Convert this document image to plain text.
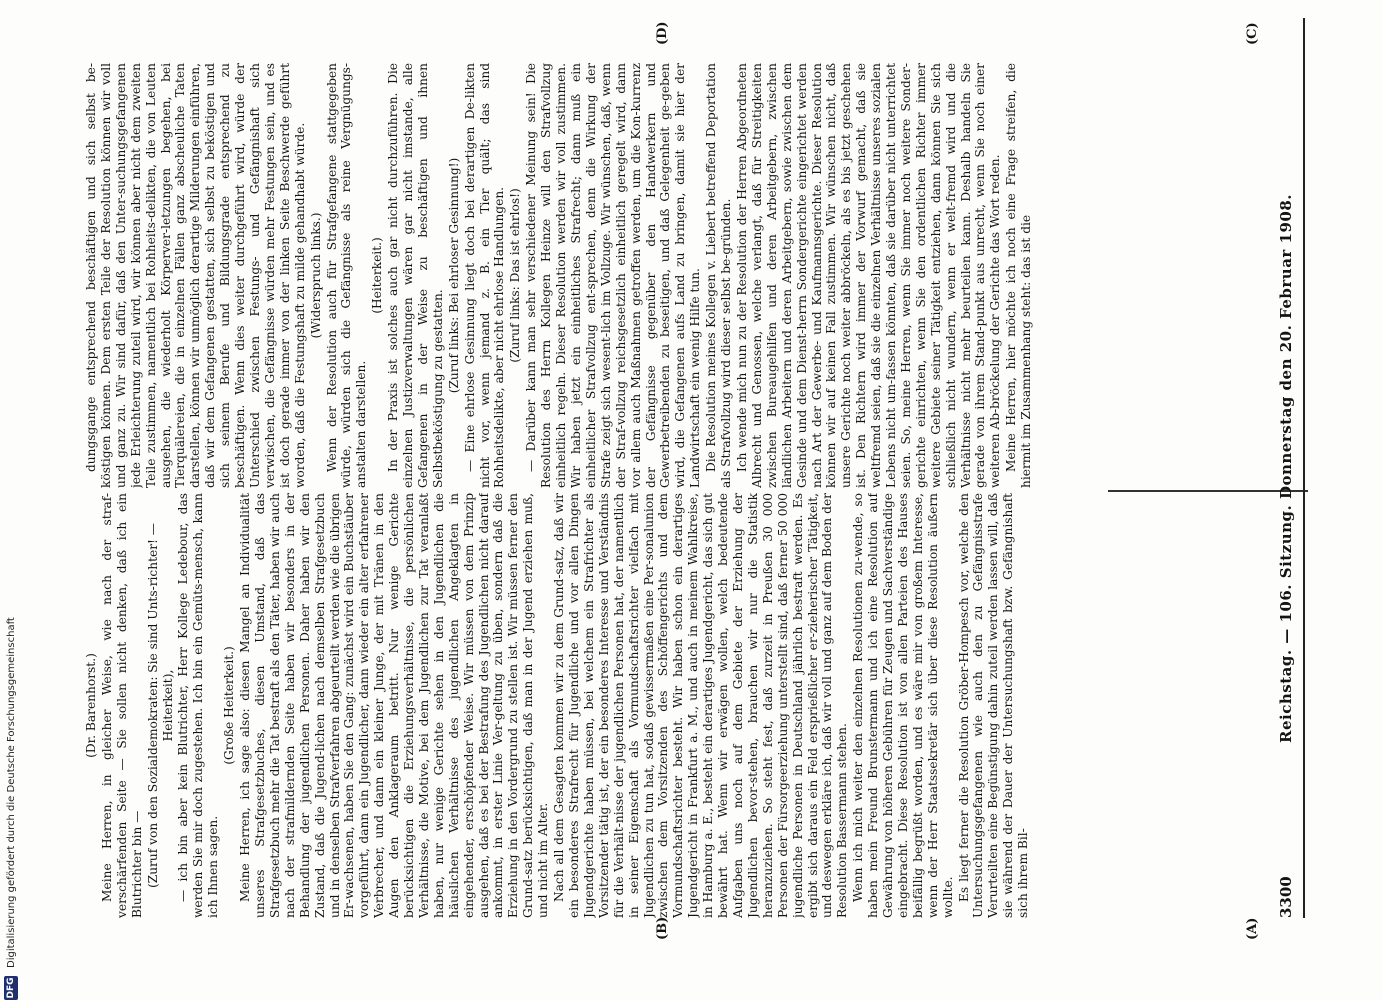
DFG
Digitalisierung gefördert durch die Deutsche Forschungsgemeinschaft	(Dr. Barenhorst.) Meine Herren, in gleicher Weise, wie nach der straf-verschärfenden Seite — Sie sollen nicht denken, daß ich ein Blutrichter bin — (Zuruf von den Sozialdemokraten: Sie sind Unts-richter! — Heiterkeit), — ich bin aber kein Blutrichter, Herr Kollege Ledebour, das werden Sie mir doch zugestehen. Ich bin ein Gemüts-mensch, kann ich Ihnen sagen.

(Große Heiterkeit.) Meine Herren, ich sage also: diesen Mangel an Individualität unseres Strafgesetzbuches, diesen Umstand, daß das Strafgesetzbuch mehr die Tat bestraft als den Täter, haben wir auch nach der strafmildernden Seite haben wir besonders in der Behandlung der jugendlichen Personen. Daher haben wir den Zustand, daß die Jugend-lichen nach demselben Strafgesetzbuch und in denselben Strafverfahren abgeurteilt werden wie die übrigen Er-wachsenen, haben Sie den Gang: zunächst wird ein Buchstäuber vorgeführt, dann ein Jugendlicher, dann wieder ein alter erfahrener Verbrecher, und dann ein kleiner Junge, der mit Tränen in den Augen den Anklageraum betritt. Nur wenige Gerichte berücksichtigen die Erziehungsverhältnisse, die persönlichen Verhältnisse, die Motive, bei dem Jugendlichen zur Tat veranlaßt haben, nur wenige Gerichte sehen in den Jugendlichen die häuslichen Verhältnisse des jugendlichen Angeklagten in eingehender, erschöpfender Weise. Wir müssen von dem Prinzip ausgehen, daß es bei der Bestrafung des Jugendlichen nicht darauf ankommt, in erster Linie Ver-geltung zu üben, sondern daß die Erziehung in den Vordergrund zu stellen ist. Wir müssen ferner den Grund-satz berücksichtigen, daß man in der Jugend erziehen muß, und nicht im Alter. Nach all dem Gesagten kommen wir zu dem Grund-satz, daß wir ein besonderes Strafrecht für Jugendliche und vor allen Dingen Jugendgerichte haben müssen, bei welchem ein Strafrichter als Vorsitzender tätig ist, der ein besonderes Interesse und Verständnis für die Verhält-nisse der jugendlichen Personen hat, der namentlich in seiner Eigenschaft als Vormundschaftsrichter vielfach mit Jugendlichen zu tun hat, sodaß gewissermaßen eine Per-sonalunion zwischen dem Vorsitzenden des Schöffengerichts und dem Vormundschaftsrichter besteht. Wir haben schon ein derartiges Jugendgericht in Frankfurt a. M., und auch in meinem Wahlkreise, in Hamburg a. E., besteht ein derartiges Jugendgericht, das sich gut bewährt hat. Wenn wir erwägen wollen, welch bedeutende Aufgaben uns noch auf dem Gebiete der Erziehung der Jugendlichen bevor-stehen, brauchen wir nur die Statistik heranzuziehen. So steht fest, daß zurzeit in Preußen 30 000 Personen der Fürsorgeerziehung unterstellt sind, daß ferner 50 000 jugendliche Personen in Deutschland jährlich bestraft werden. Es ergibt sich daraus ein Feld ersprießlicher er-zieherischer Tätigkeit, und deswegen erkläre ich, daß wir voll und ganz auf dem Boden der Resolution Bassermann stehen. Wenn ich mich weiter den einzelnen Resolutionen zu-wende, so haben mein Freund Brunstermann und ich eine Resolution auf Gewährung von höheren Gebühren für Zeugen und Sachverständige eingebracht. Diese Resolution ist von allen Parteien des Hauses beifällig begrüßt worden, und es wäre mir von großem Interesse, wenn der Herr Staatssekretär sich über diese Resolution äußern wollte. Es liegt ferner die Resolution Gröber-Hompesch vor, welche den Untersuchungsgefangenen wie auch den zu Gefängnisstrafe Verurteilten eine Begünstigung dahin zuteil werden lassen will, daß sie während der Dauer der Untersuchungshaft bzw. Gefängnishaft sich ihrem Bil-

dungsgange entsprechend beschäftigen und sich selbst be-köstigen können. Dem ersten Teile der Resolution können wir voll und ganz zu. Wir sind dafür, daß den Unter-suchungsgefangenen jede Erleichterung zuteil wird, wir können aber nicht dem zweiten Teile zustimmen, namentlich bei Rohheits-delikten, die von Leuten ausgehen, die wiederholt Körperver-letzungen begehen, bei Tierquälereien, die in einzelnen Fällen ganz abscheuliche Taten darstellen, können wir unmöglich derartige Milderungen einführen, daß wir dem Gefangenen gestatten, sich selbst zu beköstigen und sich seinem Berufe und Bildungsgrade entsprechend zu beschäftigen. Wenn dies weiter durchgeführt wird, würde der Unterschied zwischen Festungs- und Gefängnishaft sich verwischen, die Gefängnisse würden mehr Festungen sein, und es ist doch gerade immer von der linken Seite Beschwerde geführt worden, daß die Festungshaft zu milde gehandhabt würde. (Widerspruch links.) Wenn der Resolution auch für Strafgefangene stattgegeben würde, würden sich die Gefängnisse als reine Vergnügungs-anstalten darstellen.

(Heiterkeit.) In der Praxis ist solches auch gar nicht durchzuführen. Die einzelnen Justizverwaltungen wären gar nicht imstande, alle Gefangenen in der Weise zu beschäftigen und ihnen Selbstbeköstigung zu gestatten. (Zuruf links: Bei ehrloser Gesinnung!) — Eine ehrlose Gesinnung liegt doch bei derartigen De-likten nicht vor, wenn jemand z. B. ein Tier quält; das sind Rohheitsdelikte, aber nicht ehrlose Handlungen. (Zuruf links: Das ist ehrlos!) — Darüber kann man sehr verschiedener Meinung sein! Die Resolution des Herrn Kollegen Heinze will den Strafvollzug einheitlich regeln. Dieser Resolution werden wir voll zustimmen. Wir haben jetzt ein einheitliches Strafrecht; dann muß ein einheitlicher Strafvollzug ent-sprechen, denn die Wirkung der Strafe zeigt sich wesent-lich im Vollzuge. Wir wünschen, daß, wenn der Straf-vollzug reichsgesetzlich einheitlich geregelt wird, dann vor allem auch Maßnahmen getroffen werden, um die Kon-kurrenz der Gefängnisse gegenüber den Handwerkern und Gewerbetreibenden zu beseitigen, und daß Gelegenheit ge-geben wird, die Gefangenen aufs Land zu bringen, damit sie hier der Landwirtschaft ein wenig Hilfe tun. Die Resolution meines Kollegen v. Liebert betreffend Deportation als Strafvollzug wird dieser selbst be-gründen. Ich wende mich nun zu der Resolution der Herren Abgeordneten Albrecht und Genossen, welche verlangt, daß für Streitigkeiten zwischen Bureaugehilfen und deren Arbeitgebern, zwischen ländlichen Arbeitern und deren Arbeitgebern, sowie zwischen dem Gesinde und dem Dienst-herrn Sondergerichte eingerichtet werden nach Art der Gewerbe- und Kaufmannsgerichte. Dieser Resolution können wir auf keinen Fall zustimmen. Wir wünschen nicht, daß unsere Gerichte noch weiter abbröckeln, als es bis jetzt geschehen ist. Den Richtern wird immer der Vorwurf gemacht, daß sie weltfremd seien, daß sie die einzelnen Verhältnisse unseres sozialen Lebens nicht um-fassen könnten, daß sie darüber nicht unterrichtet seien. So, meine Herren, wenn Sie immer noch weitere Sonder-gerichte einrichten, wenn Sie den ordentlichen Richter immer weitere Gebiete seiner Tätigkeit entziehen, dann können Sie sich schließlich nicht wundern, wenn er welt-fremd wird und die Verhältnisse nicht mehr beurteilen kann. Deshalb handeln Sie gerade von ihrem Stand-punkt aus unrecht, wenn Sie noch einer weiteren Ab-bröckelung der Gerichte das Wort reden. Meine Herren, hier möchte ich noch eine Frage streifen, die hiermit im Zusammenhang steht: das ist die

(A)
(B)
(C)
(D)
3300
Reichstag. — 106. Sitzung. Donnerstag den 20. Februar 1908.
